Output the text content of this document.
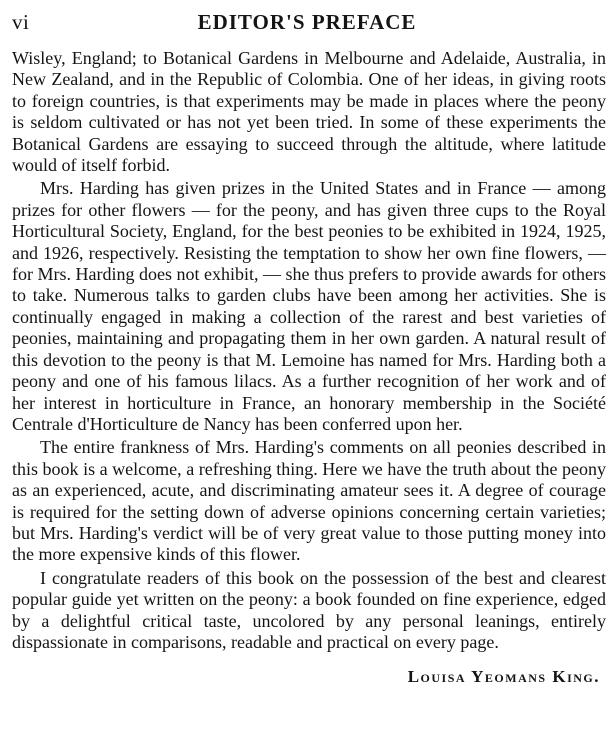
vi	EDITOR'S PREFACE

Wisley, England; to Botanical Gardens in Melbourne and Adelaide, Australia, in New Zealand, and in the Republic of Colombia. One of her ideas, in giving roots to foreign countries, is that experiments may be made in places where the peony is seldom cultivated or has not yet been tried. In some of these experiments the Botanical Gardens are essaying to succeed through the altitude, where latitude would of itself forbid.

Mrs. Harding has given prizes in the United States and in France — among prizes for other flowers — for the peony, and has given three cups to the Royal Horticultural Society, England, for the best peonies to be exhibited in 1924, 1925, and 1926, respectively. Resisting the temptation to show her own fine flowers, — for Mrs. Harding does not exhibit, — she thus prefers to provide awards for others to take. Numerous talks to garden clubs have been among her activities. She is continually engaged in making a collection of the rarest and best varieties of peonies, maintaining and propagating them in her own garden. A natural result of this devotion to the peony is that M. Lemoine has named for Mrs. Harding both a peony and one of his famous lilacs. As a further recognition of her work and of her interest in horticulture in France, an honorary membership in the Société Centrale d'Horticulture de Nancy has been conferred upon her.

The entire frankness of Mrs. Harding's comments on all peonies described in this book is a welcome, a refreshing thing. Here we have the truth about the peony as an experienced, acute, and discriminating amateur sees it. A degree of courage is required for the setting down of adverse opinions concerning certain varieties; but Mrs. Harding's verdict will be of very great value to those putting money into the more expensive kinds of this flower.

I congratulate readers of this book on the possession of the best and clearest popular guide yet written on the peony: a book founded on fine experience, edged by a delightful critical taste, uncolored by any personal leanings, entirely dispassionate in comparisons, readable and practical on every page.

Louisa Yeomans King.
